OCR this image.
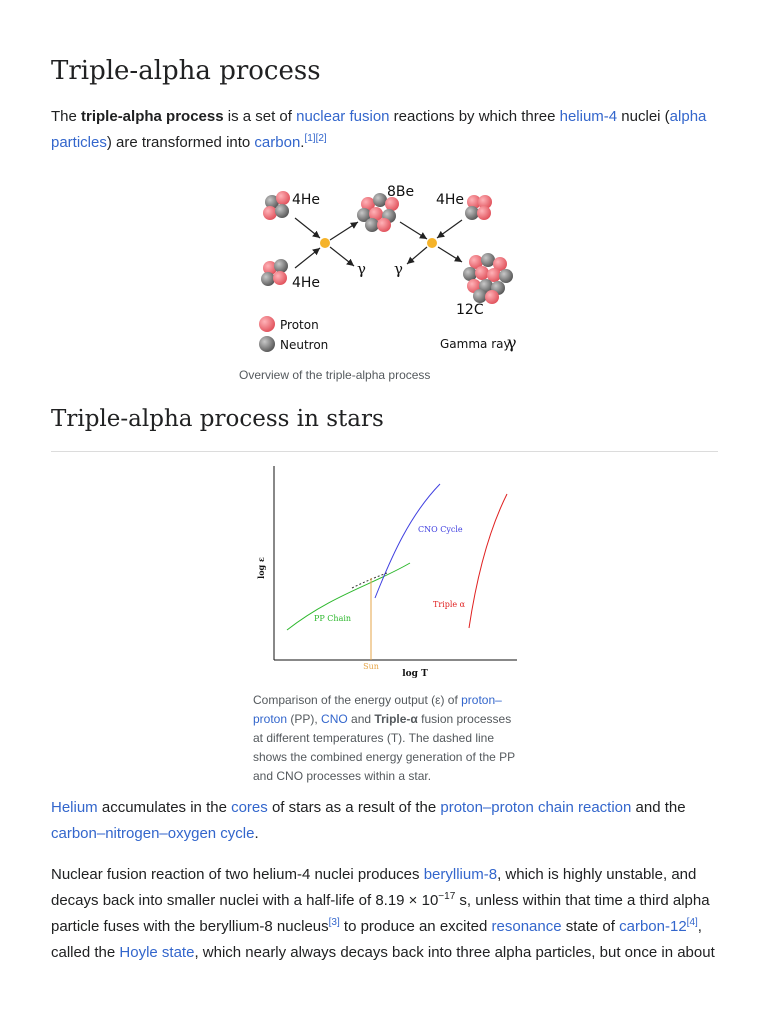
Triple-alpha process

The triple-alpha process is a set of nuclear fusion reactions by which three helium-4 nuclei (alpha particles) are transformed into carbon.[1][2]

4He
4He
8Be 4He
12C
γ γ
Proton
Neutron	Gamma ray
γ
Overview of the triple-alpha process
Triple-alpha process in stars
log ε
log T
CNO Cycle
PP Chain
Triple α
Sun
Comparison of the energy output (ε) of proton–proton (PP), CNO and Triple-α fusion processes at different temperatures (T). The dashed line shows the combined energy generation of the PP and CNO processes within a star.

Helium accumulates in the cores of stars as a result of the proton–proton chain reaction and the carbon–nitrogen–oxygen cycle.

Nuclear fusion reaction of two helium-4 nuclei produces beryllium-8, which is highly unstable, and decays back into smaller nuclei with a half-life of $8.19 \times 10^{-17}$ s, unless within that time a third alpha particle fuses with the beryllium-8 nucleus[3] to produce an excited resonance state of carbon-12[4], called the Hoyle state, which nearly always decays back into three alpha particles, but once in about
